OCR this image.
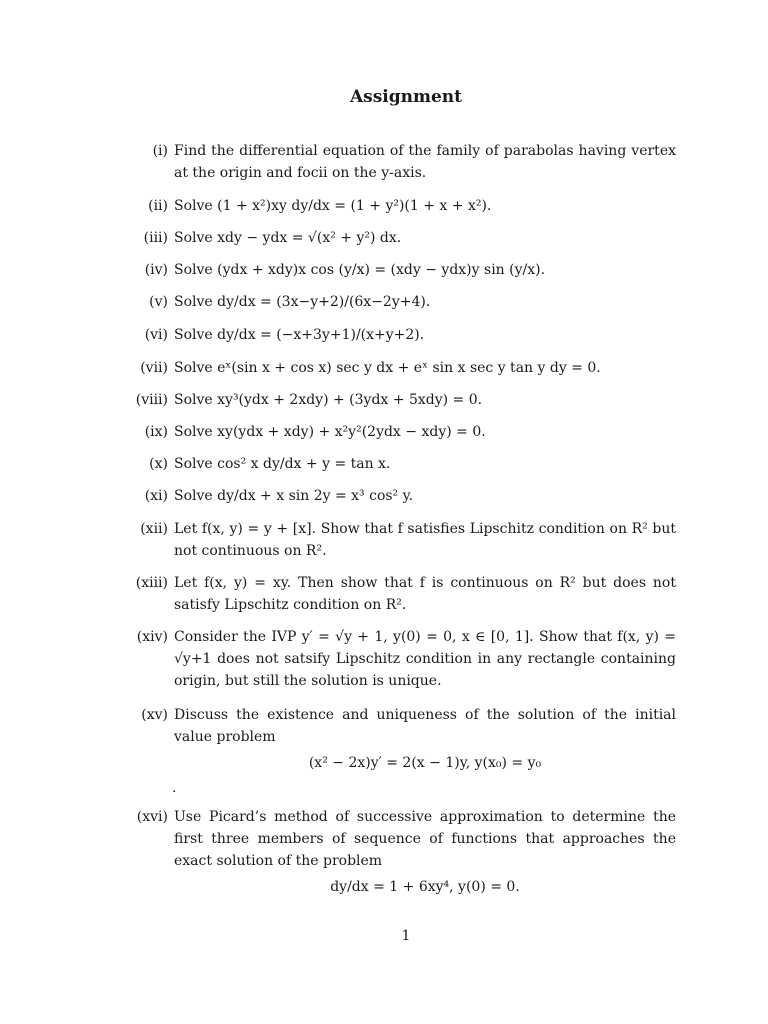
Assignment
(i) Find the differential equation of the family of parabolas having vertex at the origin and focii on the y-axis.
(ii) Solve (1 + x²)xy dy/dx = (1 + y²)(1 + x + x²).
(iii) Solve xdy − ydx = √(x² + y²) dx.
(iv) Solve (ydx + xdy)x cos (y/x) = (xdy − ydx)y sin (y/x).
(v) Solve dy/dx = (3x−y+2)/(6x−2y+4).
(vi) Solve dy/dx = (−x+3y+1)/(x+y+2).
(vii) Solve eˣ(sin x + cos x) sec y dx + eˣ sin x sec y tan y dy = 0.
(viii) Solve xy³(ydx + 2xdy) + (3ydx + 5xdy) = 0.
(ix) Solve xy(ydx + xdy) + x²y²(2ydx − xdy) = 0.
(x) Solve cos² x dy/dx + y = tan x.
(xi) Solve dy/dx + x sin 2y = x³ cos² y.
(xii) Let f(x, y) = y + [x]. Show that f satisfies Lipschitz condition on R² but not continuous on R².
(xiii) Let f(x, y) = xy. Then show that f is continuous on R² but does not satisfy Lipschitz condition on R².
(xiv) Consider the IVP y′ = √y + 1, y(0) = 0, x ∈ [0, 1]. Show that f(x, y) = √y+1 does not satsify Lipschitz condition in any rectangle containing origin, but still the solution is unique.
(xv) Discuss the existence and uniqueness of the solution of the initial value problem
(x² − 2x)y′ = 2(x − 1)y, y(x₀) = y₀
.
(xvi) Use Picard’s method of successive approximation to determine the first three members of sequence of functions that approaches the exact solution of the problem
dy/dx = 1 + 6xy⁴, y(0) = 0.
1
